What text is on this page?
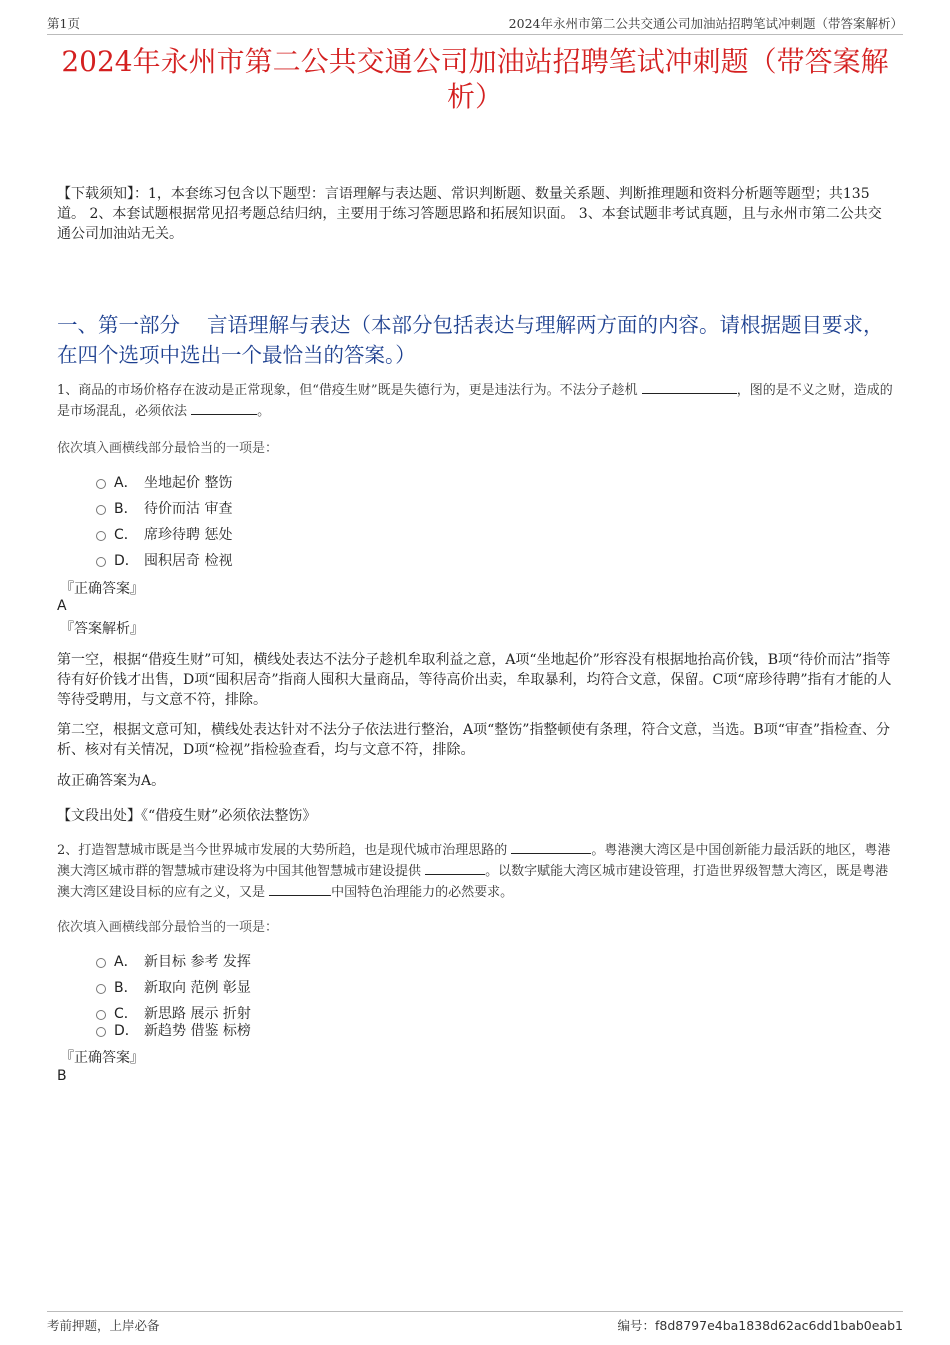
第1页	2024年永州市第二公共交通公司加油站招聘笔试冲刺题（带答案解析）
2024年永州市第二公共交通公司加油站招聘笔试冲刺题（带答案解析）
【下载须知】：1，本套练习包含以下题型：言语理解与表达题、常识判断题、数量关系题、判断推理题和资料分析题等题型；共135道。 2、本套试题根据常见招考题总结归纳，主要用于练习答题思路和拓展知识面。 3、本套试题非考试真题，且与永州市第二公共交通公司加油站无关。
一、第一部分　 言语理解与表达（本部分包括表达与理解两方面的内容。请根据题目要求，在四个选项中选出一个最恰当的答案。）
1、商品的市场价格存在波动是正常现象，但“借疫生财”既是失德行为，更是违法行为。不法分子趁机	，图的是不义之财，造成的是市场混乱，必须依法	。
依次填入画横线部分最恰当的一项是：
A． 坐地起价 整饬
B． 待价而沽 审查
C． 席珍待聘 惩处
D． 囤积居奇 检视
『正确答案』
A
『答案解析』
第一空，根据“借疫生财”可知，横线处表达不法分子趁机牟取利益之意，A项“坐地起价”形容没有根据地抬高价钱，B项“待价而沽”指等待有好价钱才出售，D项“囤积居奇”指商人囤积大量商品，等待高价出卖，牟取暴利，均符合文意，保留。C项“席珍待聘”指有才能的人等待受聘用，与文意不符，排除。
第二空，根据文意可知，横线处表达针对不法分子依法进行整治，A项“整饬”指整顿使有条理，符合文意，当选。B项“审查”指检查、分析、核对有关情况，D项“检视”指检验查看，均与文意不符，排除。
故正确答案为A。
【文段出处】《“借疫生财”必须依法整饬》
2、打造智慧城市既是当今世界城市发展的大势所趋，也是现代城市治理思路的	。粤港澳大湾区是中国创新能力最活跃的地区，粤港澳大湾区城市群的智慧城市建设将为中国其他智慧城市建设提供	。以数字赋能大湾区城市建设管理，打造世界级智慧大湾区，既是粤港澳大湾区建设目标的应有之义，又是	中国特色治理能力的必然要求。
依次填入画横线部分最恰当的一项是：
A． 新目标 参考 发挥
B． 新取向 范例 彰显
C． 新思路 展示 折射
D． 新趋势 借鉴 标榜
『正确答案』
B
考前押题，上岸必备	编号：f8d8797e4ba1838d62ac6dd1bab0eab1
